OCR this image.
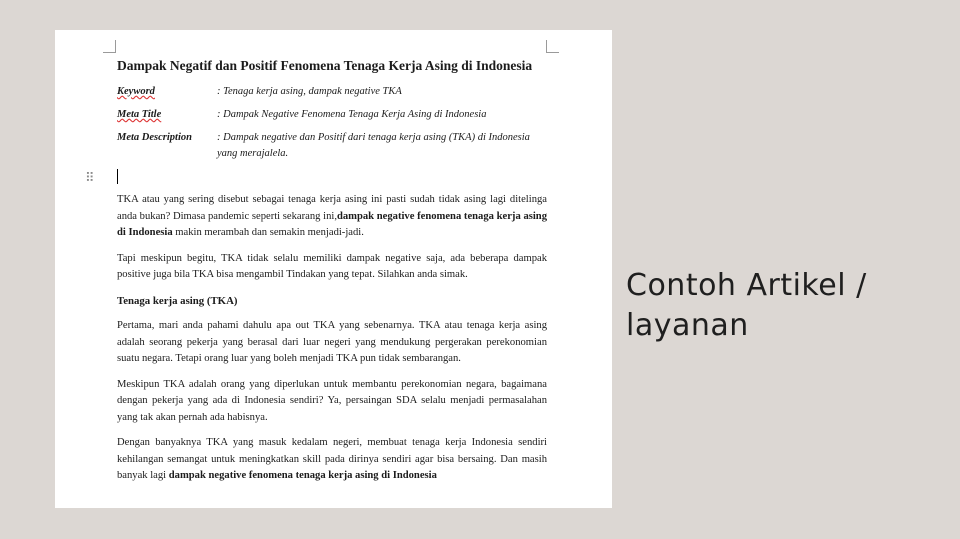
Dampak Negatif dan Positif Fenomena Tenaga Kerja Asing di Indonesia
Keyword	: Tenaga kerja asing, dampak negative TKA
Meta Title	: Dampak Negative Fenomena Tenaga Kerja Asing di Indonesia
Meta Description	: Dampak negative dan Positif dari tenaga kerja asing (TKA) di Indonesia yang merajalela.
⠿

TKA atau yang sering disebut sebagai tenaga kerja asing ini pasti sudah tidak asing lagi ditelinga anda bukan? Dimasa pandemic seperti sekarang ini,dampak negative fenomena tenaga kerja asing di Indonesia makin merambah dan semakin menjadi-jadi.

Tapi meskipun begitu, TKA tidak selalu memiliki dampak negative saja, ada beberapa dampak positive juga bila TKA bisa mengambil Tindakan yang tepat. Silahkan anda simak.

Tenaga kerja asing (TKA)

Pertama, mari anda pahami dahulu apa out TKA yang sebenarnya. TKA atau tenaga kerja asing adalah seorang pekerja yang berasal dari luar negeri yang mendukung pergerakan perekonomian suatu negara. Tetapi orang luar yang boleh menjadi TKA pun tidak sembarangan.

Meskipun TKA adalah orang yang diperlukan untuk membantu perekonomian negara, bagaimana dengan pekerja yang ada di Indonesia sendiri? Ya, persaingan SDA selalu menjadi permasalahan yang tak akan pernah ada habisnya.

Dengan banyaknya TKA yang masuk kedalam negeri, membuat tenaga kerja Indonesia sendiri kehilangan semangat untuk meningkatkan skill pada dirinya sendiri agar bisa bersaing. Dan masih banyak lagi dampak negative fenomena tenaga kerja asing di Indonesia

Contoh Artikel / layanan
